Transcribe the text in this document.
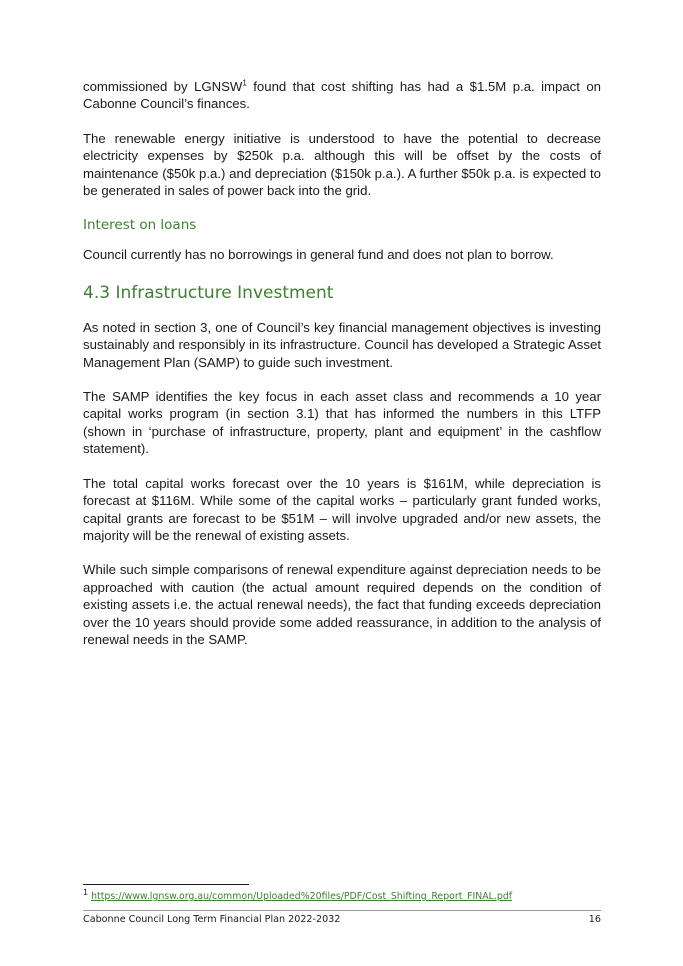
commissioned by LGNSW$^1$ found that cost shifting has had a $1.5M p.a. impact on Cabonne Council’s finances.

The renewable energy initiative is understood to have the potential to decrease electricity expenses by $250k p.a. although this will be offset by the costs of maintenance ($50k p.a.) and depreciation ($150k p.a.). A further $50k p.a. is expected to be generated in sales of power back into the grid.

Interest on loans

Council currently has no borrowings in general fund and does not plan to borrow.

4.3 Infrastructure Investment

As noted in section 3, one of Council’s key financial management objectives is investing sustainably and responsibly in its infrastructure. Council has developed a Strategic Asset Management Plan (SAMP) to guide such investment.

The SAMP identifies the key focus in each asset class and recommends a 10 year capital works program (in section 3.1) that has informed the numbers in this LTFP (shown in ‘purchase of infrastructure, property, plant and equipment’ in the cashflow statement).

The total capital works forecast over the 10 years is $161M, while depreciation is forecast at $116M. While some of the capital works – particularly grant funded works, capital grants are forecast to be $51M – will involve upgraded and/or new assets, the majority will be the renewal of existing assets.

While such simple comparisons of renewal expenditure against depreciation needs to be approached with caution (the actual amount required depends on the condition of existing assets i.e. the actual renewal needs), the fact that funding exceeds depreciation over the 10 years should provide some added reassurance, in addition to the analysis of renewal needs in the SAMP.

$^1$ https://www.lgnsw.org.au/common/Uploaded%20files/PDF/Cost_Shifting_Report_FINAL.pdf
Cabonne Council Long Term Financial Plan 2022-2032	16
